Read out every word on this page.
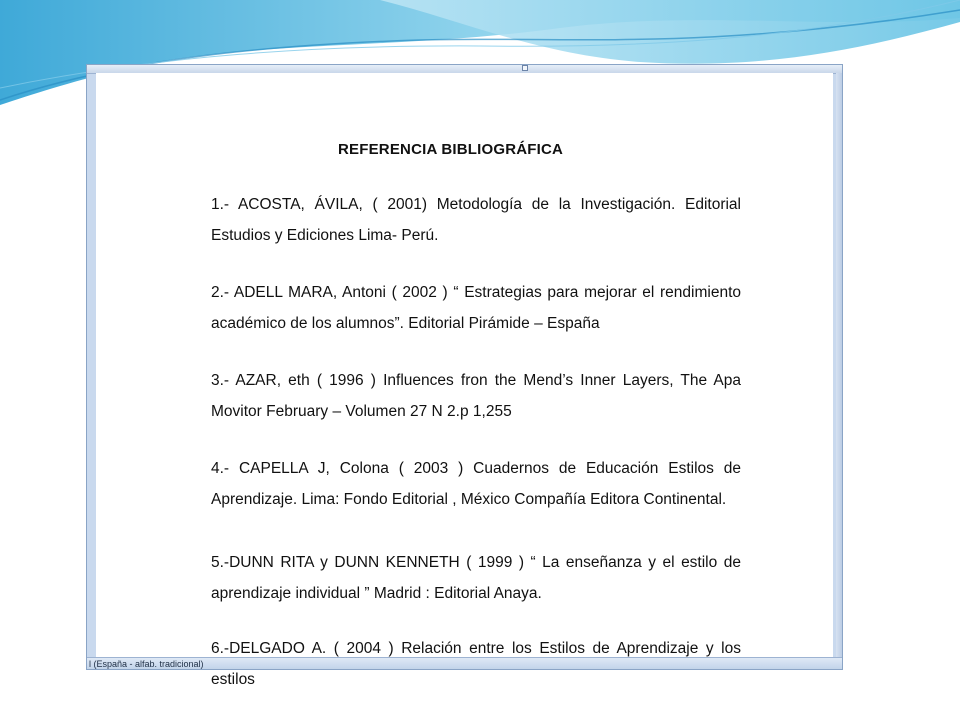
REFERENCIA BIBLIOGRÁFICA
1.- ACOSTA, ÁVILA, ( 2001) Metodología de la Investigación. Editorial Estudios y Ediciones Lima- Perú.
2.- ADELL MARA, Antoni ( 2002 ) “ Estrategias para mejorar el rendimiento académico de los alumnos”. Editorial Pirámide – España
3.- AZAR, eth ( 1996 ) Influences fron the Mend’s Inner Layers, The Apa Movitor February – Volumen 27 N 2.p 1,255
4.- CAPELLA J, Colona ( 2003 ) Cuadernos de Educación Estilos de Aprendizaje. Lima: Fondo Editorial , México Compañía Editora Continental.
5.-DUNN RITA y DUNN KENNETH ( 1999 ) “ La enseñanza y el estilo de aprendizaje individual ” Madrid : Editorial Anaya.
6.-DELGADO A. ( 2004 ) Relación entre los Estilos de Aprendizaje y los estilos
l (España - alfab. tradicional)
